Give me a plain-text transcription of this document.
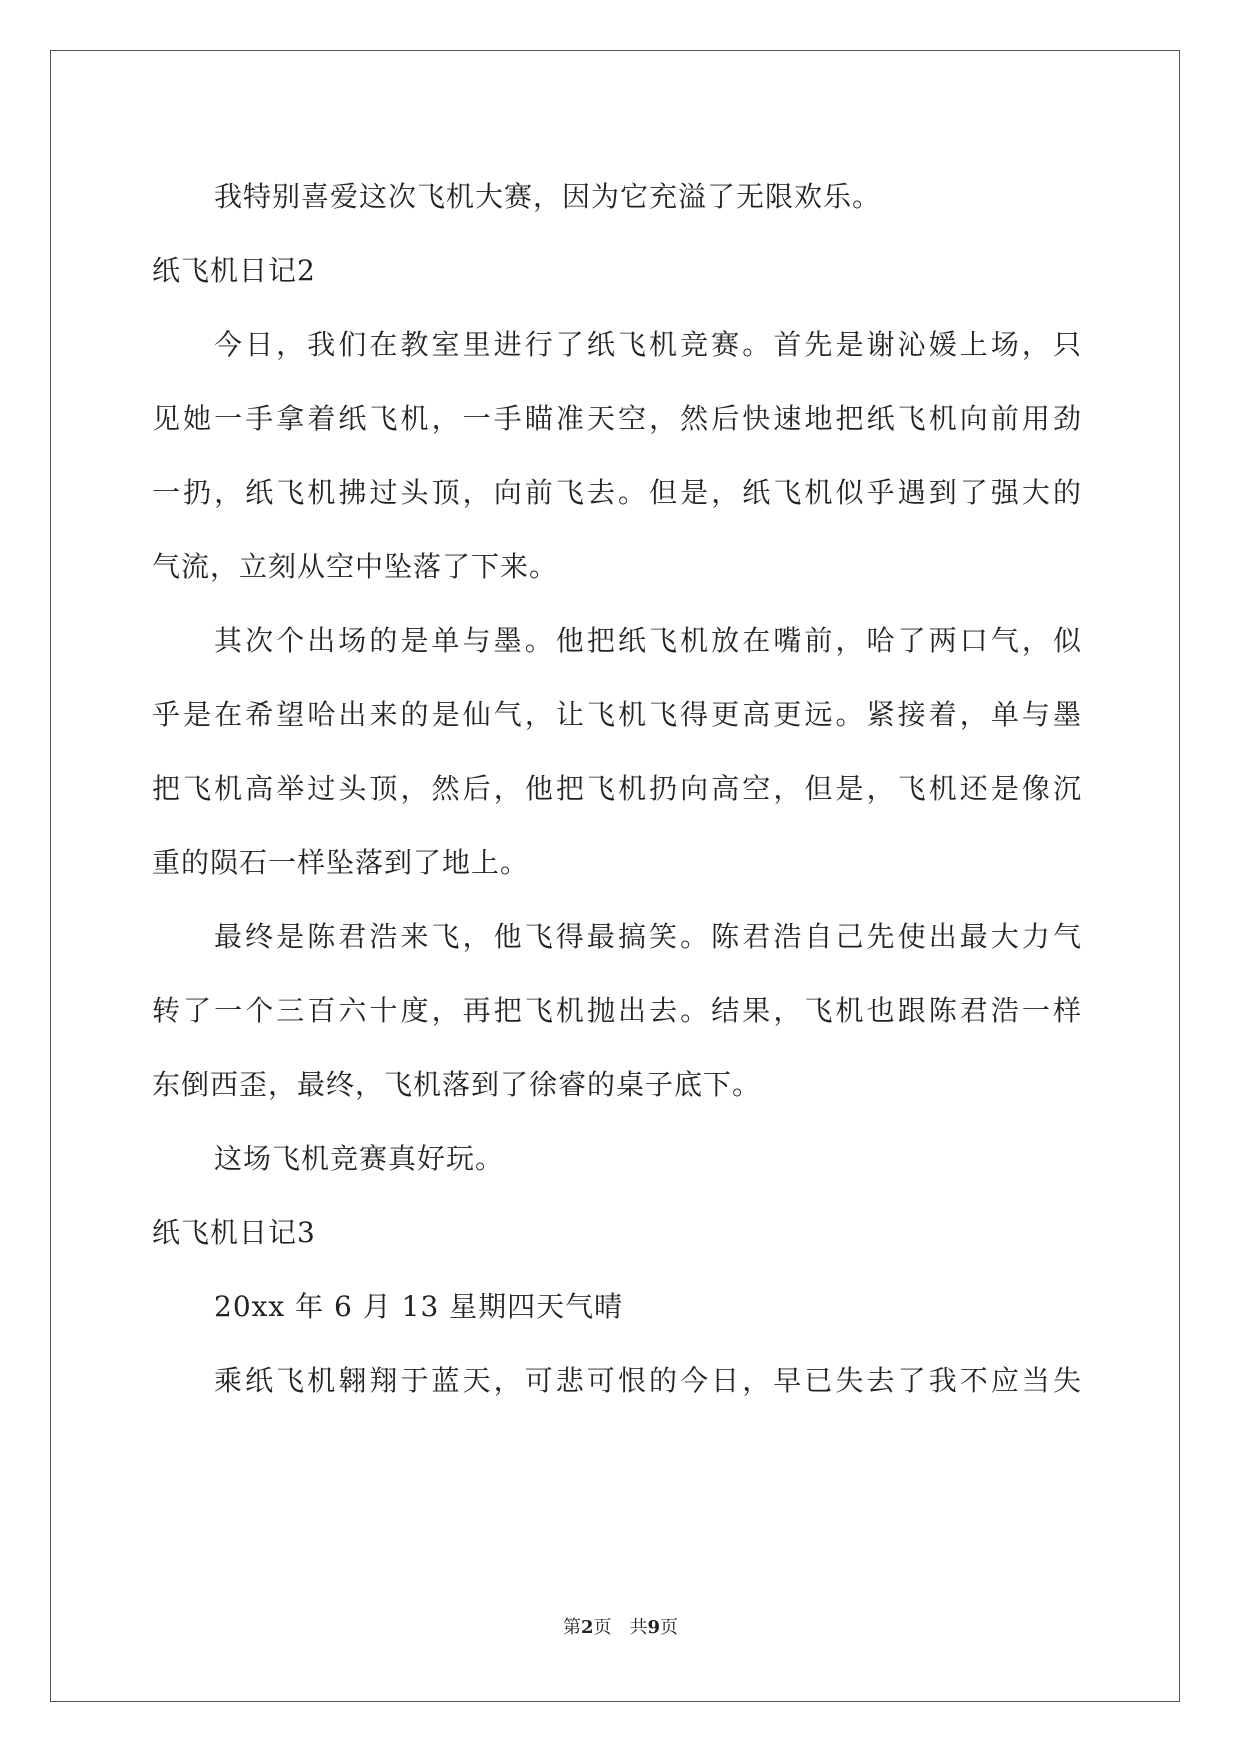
我特别喜爱这次飞机大赛，因为它充溢了无限欢乐。
纸飞机日记2
今日，我们在教室里进行了纸飞机竞赛。首先是谢沁媛上场，只
见她一手拿着纸飞机，一手瞄准天空，然后快速地把纸飞机向前用劲
一扔，纸飞机拂过头顶，向前飞去。但是，纸飞机似乎遇到了强大的
气流，立刻从空中坠落了下来。
其次个出场的是单与墨。他把纸飞机放在嘴前，哈了两口气，似
乎是在希望哈出来的是仙气，让飞机飞得更高更远。紧接着，单与墨
把飞机高举过头顶，然后，他把飞机扔向高空，但是，飞机还是像沉
重的陨石一样坠落到了地上。
最终是陈君浩来飞，他飞得最搞笑。陈君浩自己先使出最大力气
转了一个三百六十度，再把飞机抛出去。结果，飞机也跟陈君浩一样
东倒西歪，最终，飞机落到了徐睿的桌子底下。
这场飞机竞赛真好玩。
纸飞机日记3
20xx 年 6 月 13 星期四天气晴
乘纸飞机翱翔于蓝天，可悲可恨的今日，早已失去了我不应当失
第2页　共9页
